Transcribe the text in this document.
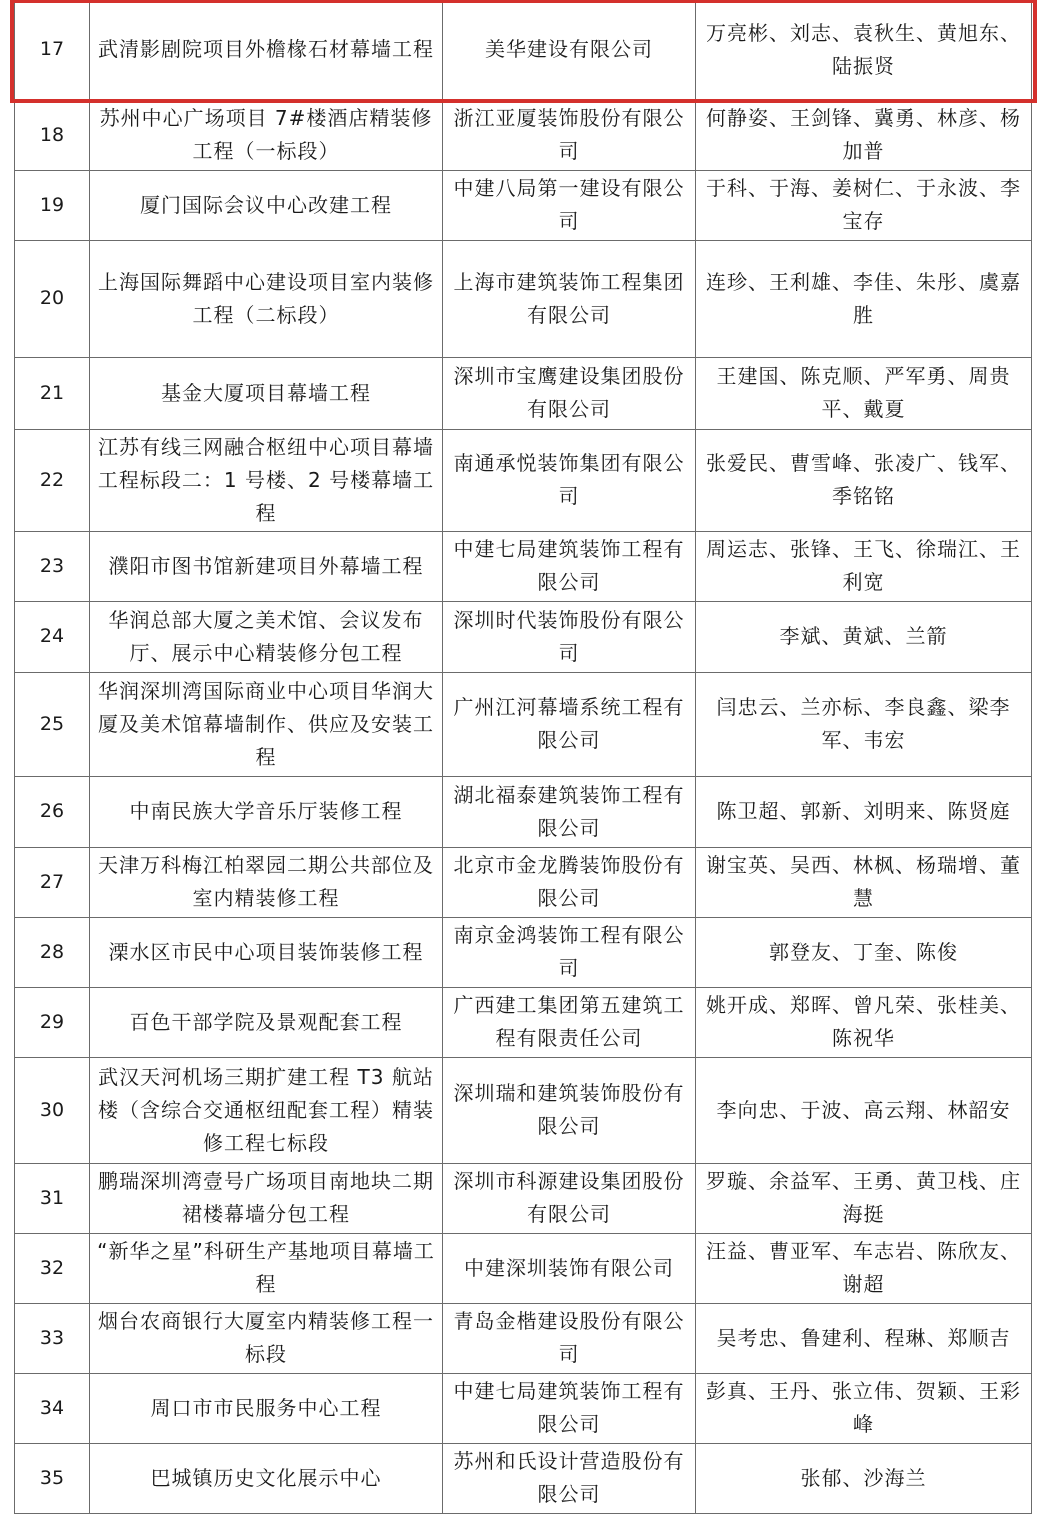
17	武清影剧院项目外檐椽石材幕墙工程	美华建设有限公司	万亮彬、刘志、袁秋生、黄旭东、陆振贤
18	苏州中心广场项目 7#楼酒店精装修工程（一标段）	浙江亚厦装饰股份有限公司	何静姿、王剑锋、冀勇、林彦、杨加普
19	厦门国际会议中心改建工程	中建八局第一建设有限公司	于科、于海、姜树仁、于永波、李宝存
20	上海国际舞蹈中心建设项目室内装修工程（二标段）	上海市建筑装饰工程集团有限公司	连珍、王利雄、李佳、朱彤、虞嘉胜
21	基金大厦项目幕墙工程	深圳市宝鹰建设集团股份有限公司	王建国、陈克顺、严军勇、周贵平、戴夏
22	江苏有线三网融合枢纽中心项目幕墙工程标段二：1 号楼、2 号楼幕墙工程	南通承悦装饰集团有限公司	张爱民、曹雪峰、张凌广、钱军、季铭铭
23	濮阳市图书馆新建项目外幕墙工程	中建七局建筑装饰工程有限公司	周运志、张锋、王飞、徐瑞江、王利宽
24	华润总部大厦之美术馆、会议发布厅、展示中心精装修分包工程	深圳时代装饰股份有限公司	李斌、黄斌、兰箭
25	华润深圳湾国际商业中心项目华润大厦及美术馆幕墙制作、供应及安装工程	广州江河幕墙系统工程有限公司	闫忠云、兰亦标、李良鑫、梁李军、韦宏
26	中南民族大学音乐厅装修工程	湖北福泰建筑装饰工程有限公司	陈卫超、郭新、刘明来、陈贤庭
27	天津万科梅江柏翠园二期公共部位及室内精装修工程	北京市金龙腾装饰股份有限公司	谢宝英、吴西、林枫、杨瑞增、董慧
28	溧水区市民中心项目装饰装修工程	南京金鸿装饰工程有限公司	郭登友、丁奎、陈俊
29	百色干部学院及景观配套工程	广西建工集团第五建筑工程有限责任公司	姚开成、郑晖、曾凡荣、张桂美、陈祝华
30	武汉天河机场三期扩建工程 T3 航站楼（含综合交通枢纽配套工程）精装修工程七标段	深圳瑞和建筑装饰股份有限公司	李向忠、于波、高云翔、林韶安
31	鹏瑞深圳湾壹号广场项目南地块二期裙楼幕墙分包工程	深圳市科源建设集团股份有限公司	罗璇、余益军、王勇、黄卫栈、庄海挺
32	“新华之星”科研生产基地项目幕墙工程	中建深圳装饰有限公司	汪益、曹亚军、车志岩、陈欣友、谢超
33	烟台农商银行大厦室内精装修工程一标段	青岛金楷建设股份有限公司	吴考忠、鲁建利、程琳、郑顺吉
34	周口市市民服务中心工程	中建七局建筑装饰工程有限公司	彭真、王丹、张立伟、贺颖、王彩峰
35	巴城镇历史文化展示中心	苏州和氏设计营造股份有限公司	张郁、沙海兰
